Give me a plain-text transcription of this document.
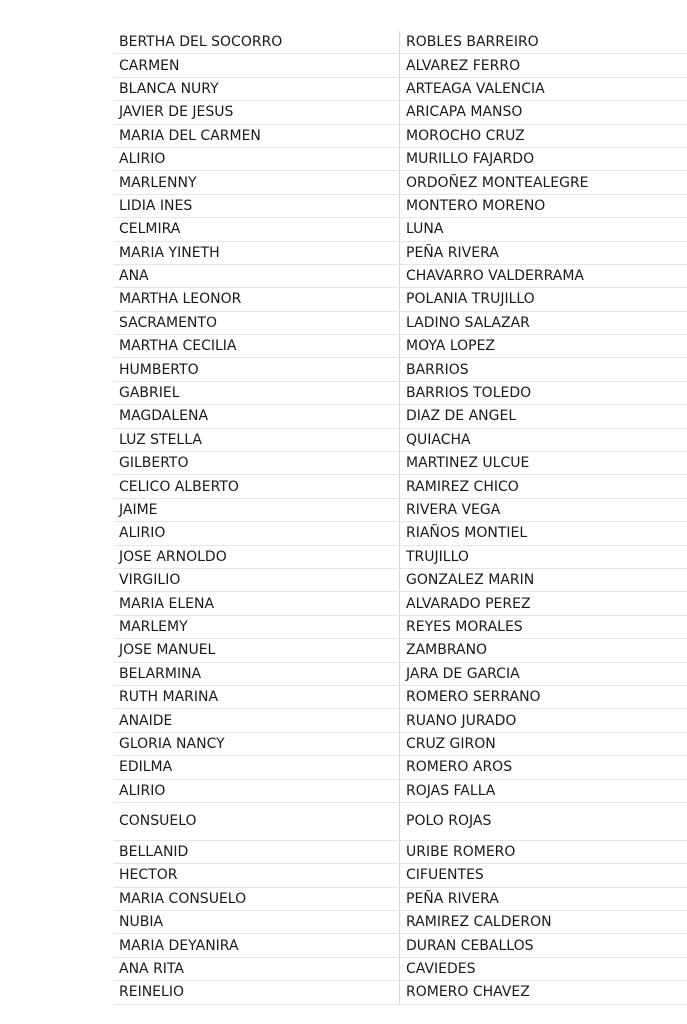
BERTHA DEL SOCORRO	ROBLES BARREIRO
CARMEN	ALVAREZ FERRO
BLANCA NURY	ARTEAGA VALENCIA
JAVIER DE JESUS	ARICAPA MANSO
MARIA DEL CARMEN	MOROCHO CRUZ
ALIRIO	MURILLO FAJARDO
MARLENNY	ORDOÑEZ MONTEALEGRE
LIDIA INES	MONTERO MORENO
CELMIRA	LUNA
MARIA YINETH	PEÑA RIVERA
ANA	CHAVARRO VALDERRAMA
MARTHA LEONOR	POLANIA TRUJILLO
SACRAMENTO	LADINO SALAZAR
MARTHA CECILIA	MOYA LOPEZ
HUMBERTO	BARRIOS
GABRIEL	BARRIOS TOLEDO
MAGDALENA	DIAZ DE ANGEL
LUZ STELLA	QUIACHA
GILBERTO	MARTINEZ ULCUE
CELICO ALBERTO	RAMIREZ CHICO
JAIME	RIVERA VEGA
ALIRIO	RIAÑOS MONTIEL
JOSE ARNOLDO	TRUJILLO
VIRGILIO	GONZALEZ MARIN
MARIA ELENA	ALVARADO PEREZ
MARLEMY	REYES MORALES
JOSE MANUEL	ZAMBRANO
BELARMINA	JARA DE GARCIA
RUTH MARINA	ROMERO SERRANO
ANAIDE	RUANO JURADO
GLORIA NANCY	CRUZ GIRON
EDILMA	ROMERO AROS
ALIRIO	ROJAS FALLA
CONSUELO	POLO ROJAS
BELLANID	URIBE ROMERO
HECTOR	CIFUENTES
MARIA CONSUELO	PEÑA RIVERA
NUBIA	RAMIREZ CALDERON
MARIA DEYANIRA	DURAN CEBALLOS
ANA RITA	CAVIEDES
REINELIO	ROMERO CHAVEZ
